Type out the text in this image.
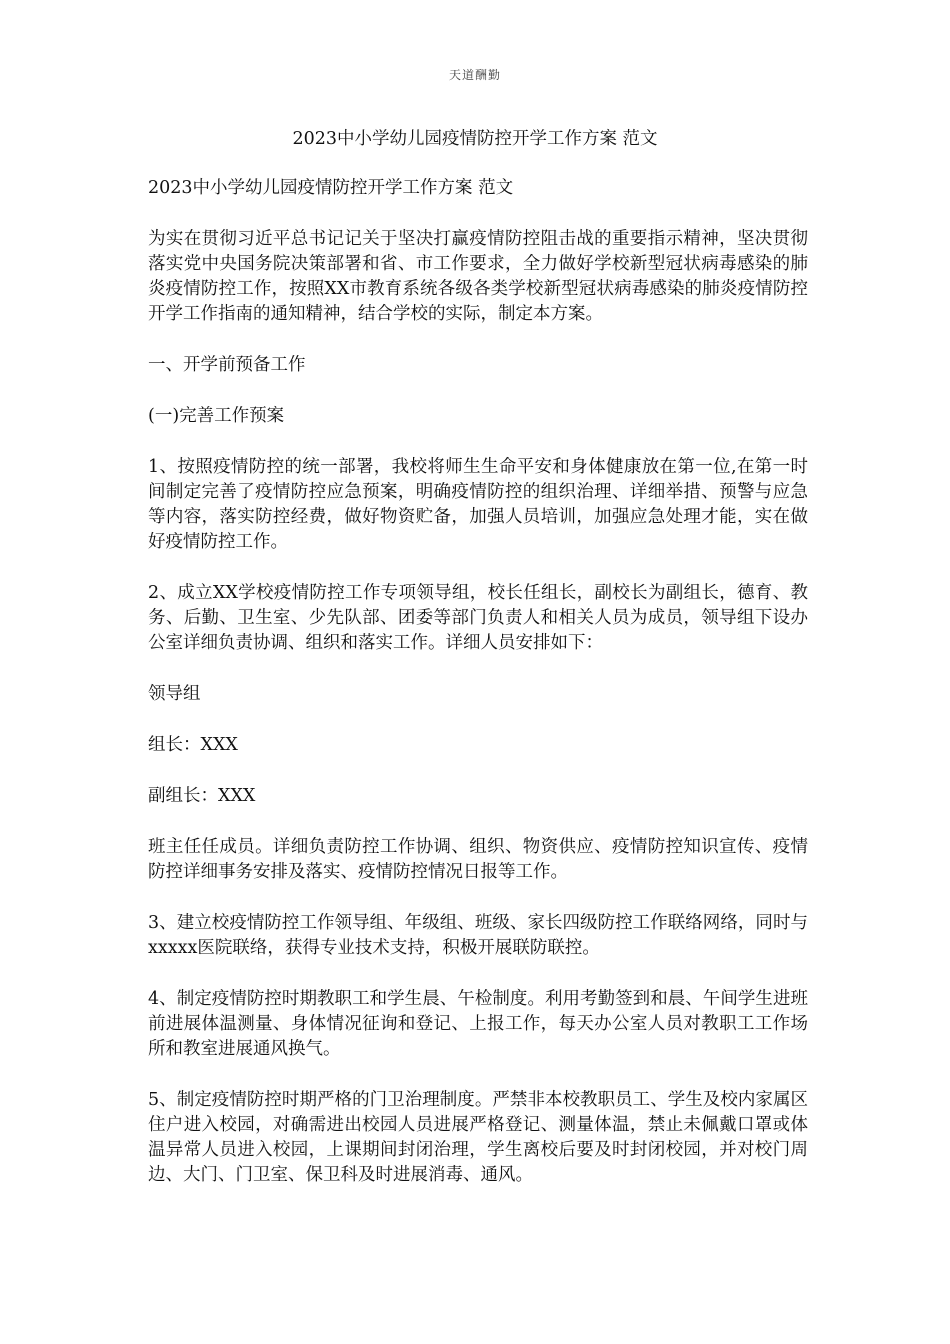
天道酬勤
2023中小学幼儿园疫情防控开学工作方案 范文

2023中小学幼儿园疫情防控开学工作方案 范文

为实在贯彻习近平总书记记关于坚决打赢疫情防控阻击战的重要指示精神，坚决贯彻落实党中央国务院决策部署和省、市工作要求，全力做好学校新型冠状病毒感染的肺炎疫情防控工作，按照XX市教育系统各级各类学校新型冠状病毒感染的肺炎疫情防控开学工作指南的通知精神，结合学校的实际，制定本方案。

一、开学前预备工作

(一)完善工作预案

1、按照疫情防控的统一部署，我校将师生生命平安和身体健康放在第一位,在第一时间制定完善了疫情防控应急预案，明确疫情防控的组织治理、详细举措、预警与应急等内容，落实防控经费，做好物资贮备，加强人员培训，加强应急处理才能，实在做好疫情防控工作。

2、成立XX学校疫情防控工作专项领导组，校长任组长，副校长为副组长，德育、教务、后勤、卫生室、少先队部、团委等部门负责人和相关人员为成员，领导组下设办公室详细负责协调、组织和落实工作。详细人员安排如下：

领导组

组长：XXX

副组长：XXX

班主任任成员。详细负责防控工作协调、组织、物资供应、疫情防控知识宣传、疫情防控详细事务安排及落实、疫情防控情况日报等工作。

3、建立校疫情防控工作领导组、年级组、班级、家长四级防控工作联络网络，同时与xxxxx医院联络，获得专业技术支持，积极开展联防联控。

4、制定疫情防控时期教职工和学生晨、午检制度。利用考勤签到和晨、午间学生进班前进展体温测量、身体情况征询和登记、上报工作，每天办公室人员对教职工工作场所和教室进展通风换气。

5、制定疫情防控时期严格的门卫治理制度。严禁非本校教职员工、学生及校内家属区住户进入校园，对确需进出校园人员进展严格登记、测量体温，禁止未佩戴口罩或体温异常人员进入校园，上课期间封闭治理，学生离校后要及时封闭校园，并对校门周边、大门、门卫室、保卫科及时进展消毒、通风。
